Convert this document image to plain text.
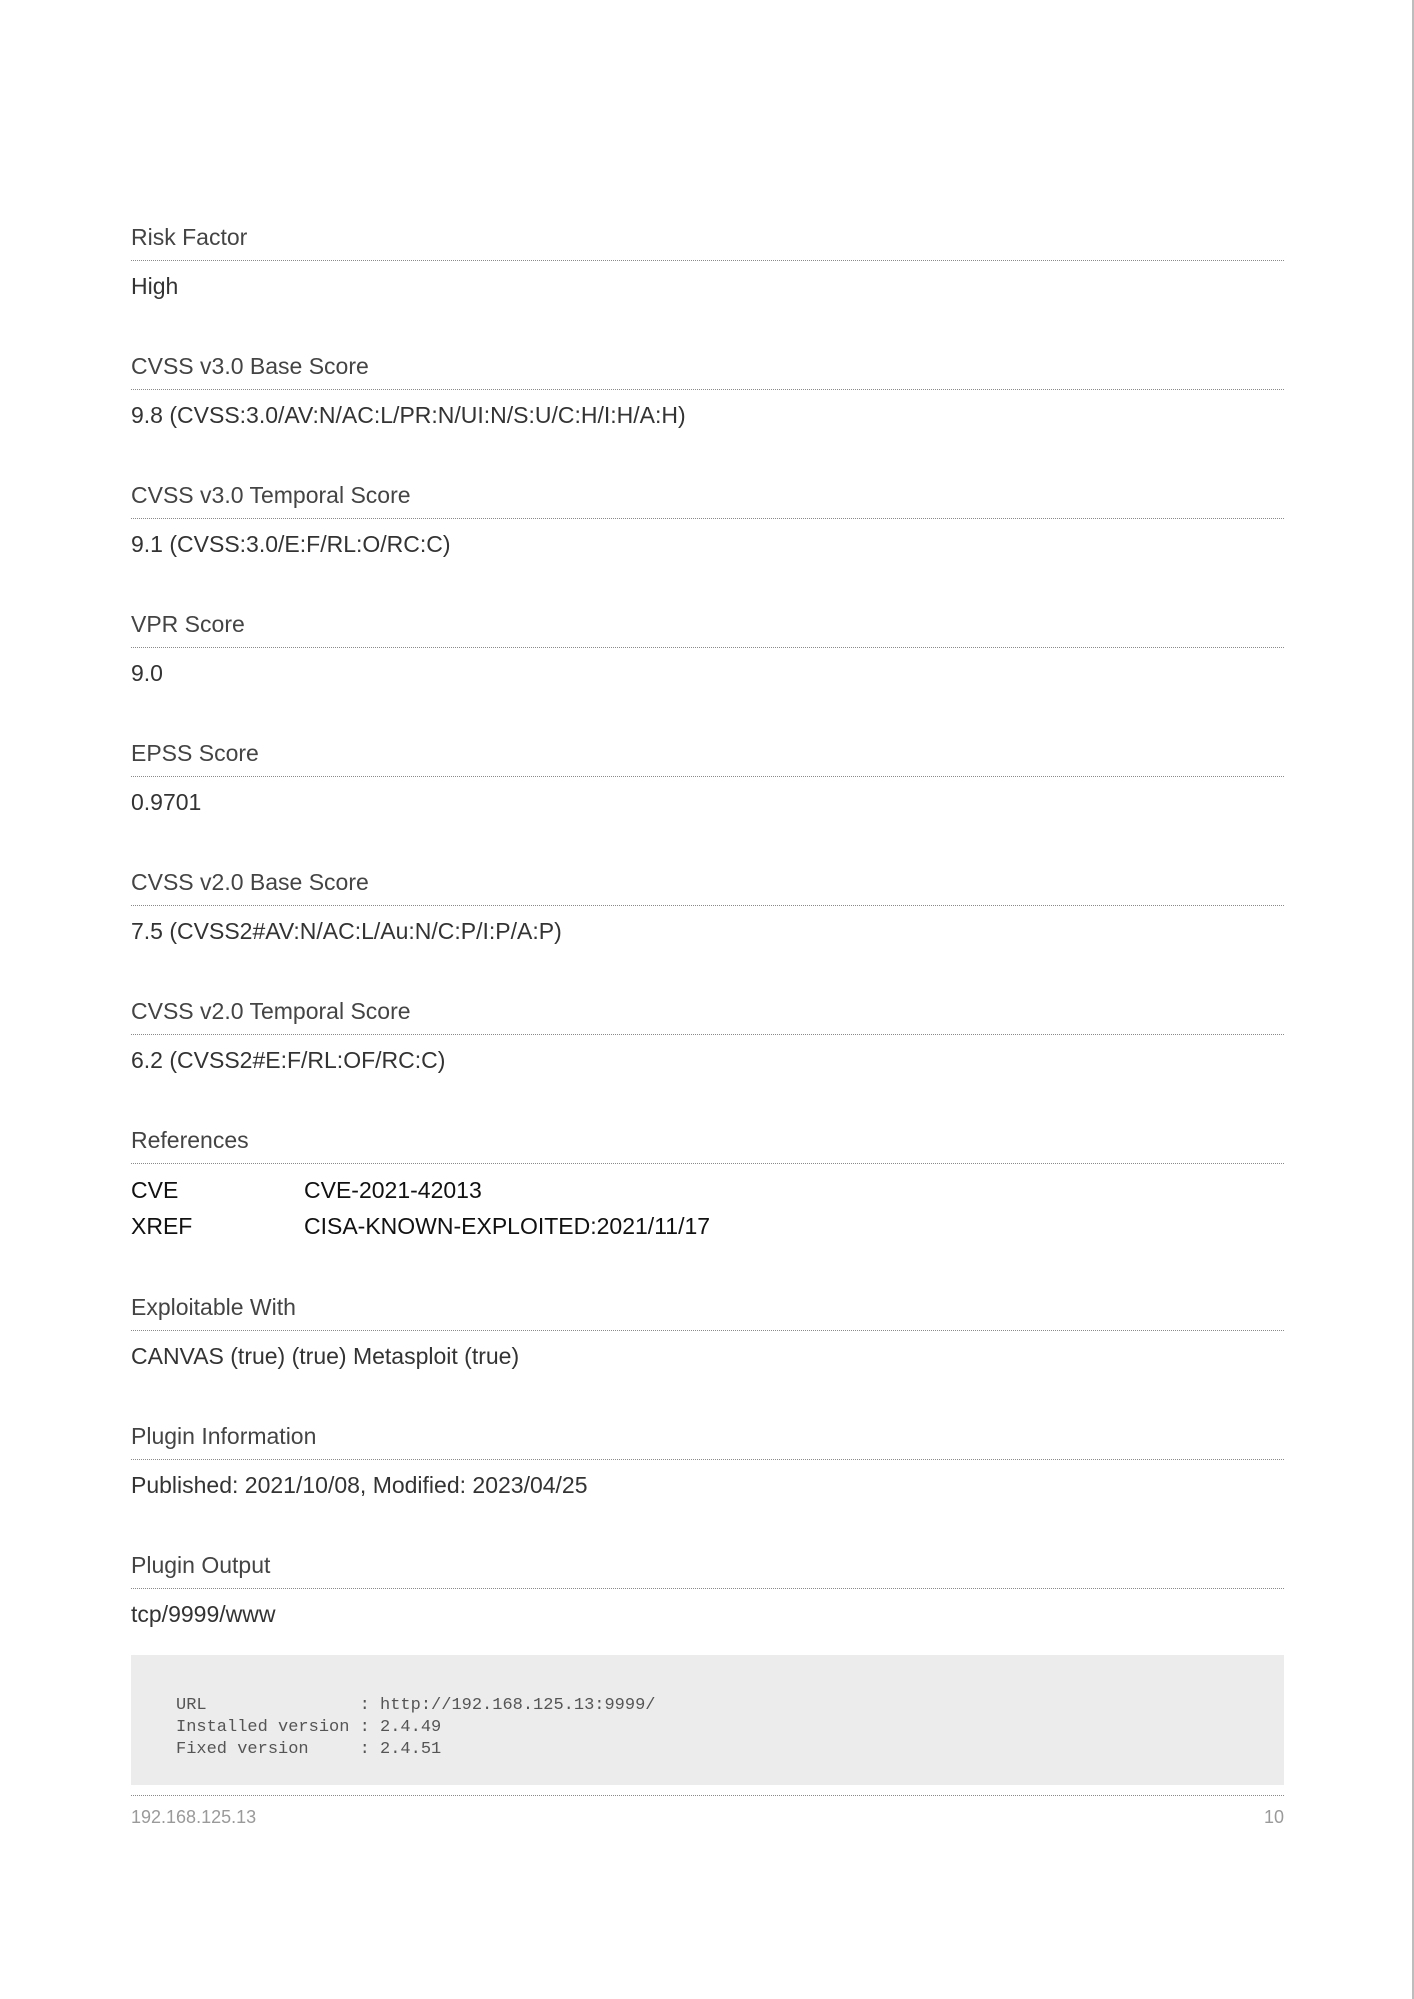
Risk Factor
High
CVSS v3.0 Base Score
9.8 (CVSS:3.0/AV:N/AC:L/PR:N/UI:N/S:U/C:H/I:H/A:H)
CVSS v3.0 Temporal Score
9.1 (CVSS:3.0/E:F/RL:O/RC:C)
VPR Score
9.0
EPSS Score
0.9701
CVSS v2.0 Base Score
7.5 (CVSS2#AV:N/AC:L/Au:N/C:P/I:P/A:P)
CVSS v2.0 Temporal Score
6.2 (CVSS2#E:F/RL:OF/RC:C)
References
CVE	CVE-2021-42013
XREF	CISA-KNOWN-EXPLOITED:2021/11/17
Exploitable With
CANVAS (true) (true) Metasploit (true)
Plugin Information
Published: 2021/10/08, Modified: 2023/04/25
Plugin Output
tcp/9999/www
URL               : http://192.168.125.13:9999/
Installed version : 2.4.49
Fixed version     : 2.4.51
192.168.125.13	10
